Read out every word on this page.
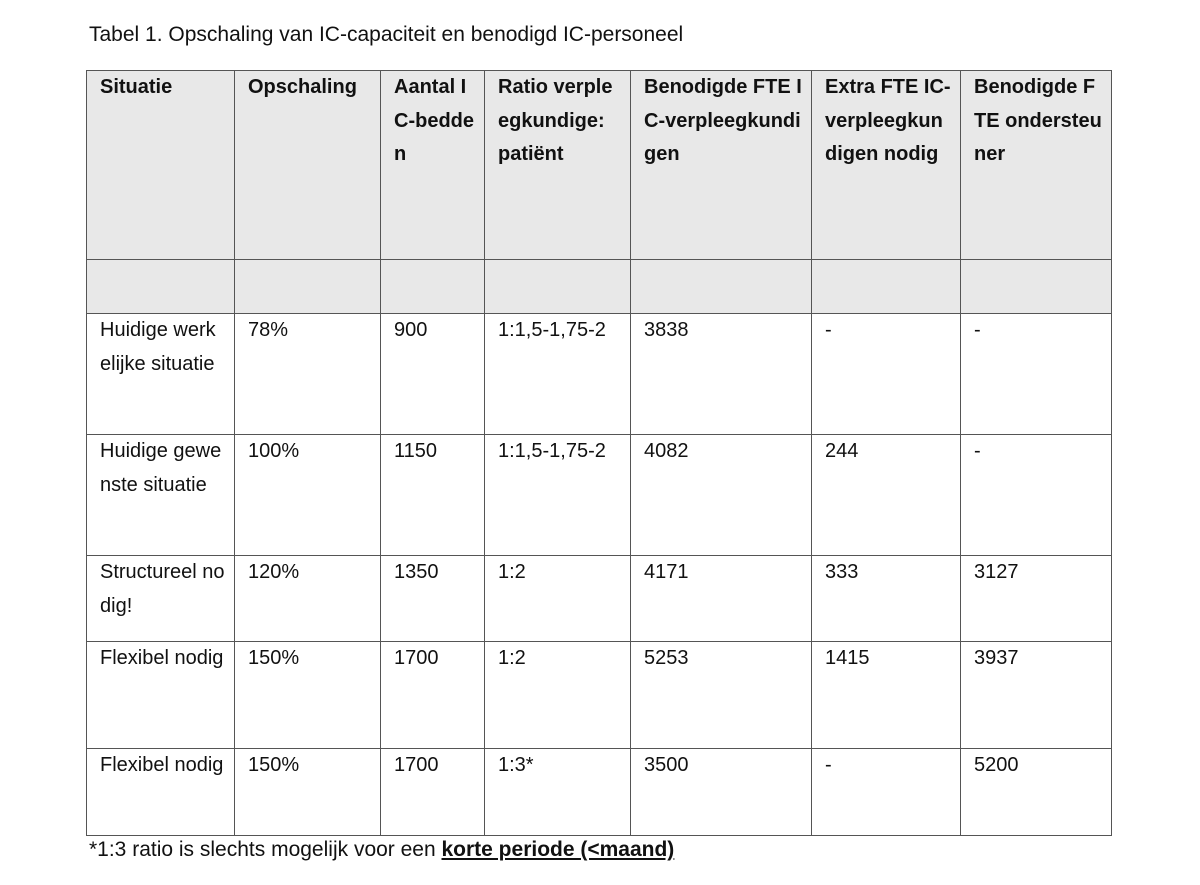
Tabel 1. Opschaling van IC-capaciteit en benodigd IC-personeel
Situatie	Opschaling	Aantal IC-bedden	Ratio verpleegkundige: patiënt	Benodigde FTE IC-verpleegkundigen	Extra FTE IC-verpleegkundigen nodig	Benodigde FTE ondersteuner

Huidige werkelijke situatie	78%	900	1:1,5-1,75-2	3838	-	-
Huidige gewenste situatie	100%	1150	1:1,5-1,75-2	4082	244	-
Structureel nodig!	120%	1350	1:2	4171	333	3127
Flexibel nodig	150%	1700	1:2	5253	1415	3937
Flexibel nodig	150%	1700	1:3*	3500	-	5200
*1:3 ratio is slechts mogelijk voor een korte periode (<maand)
